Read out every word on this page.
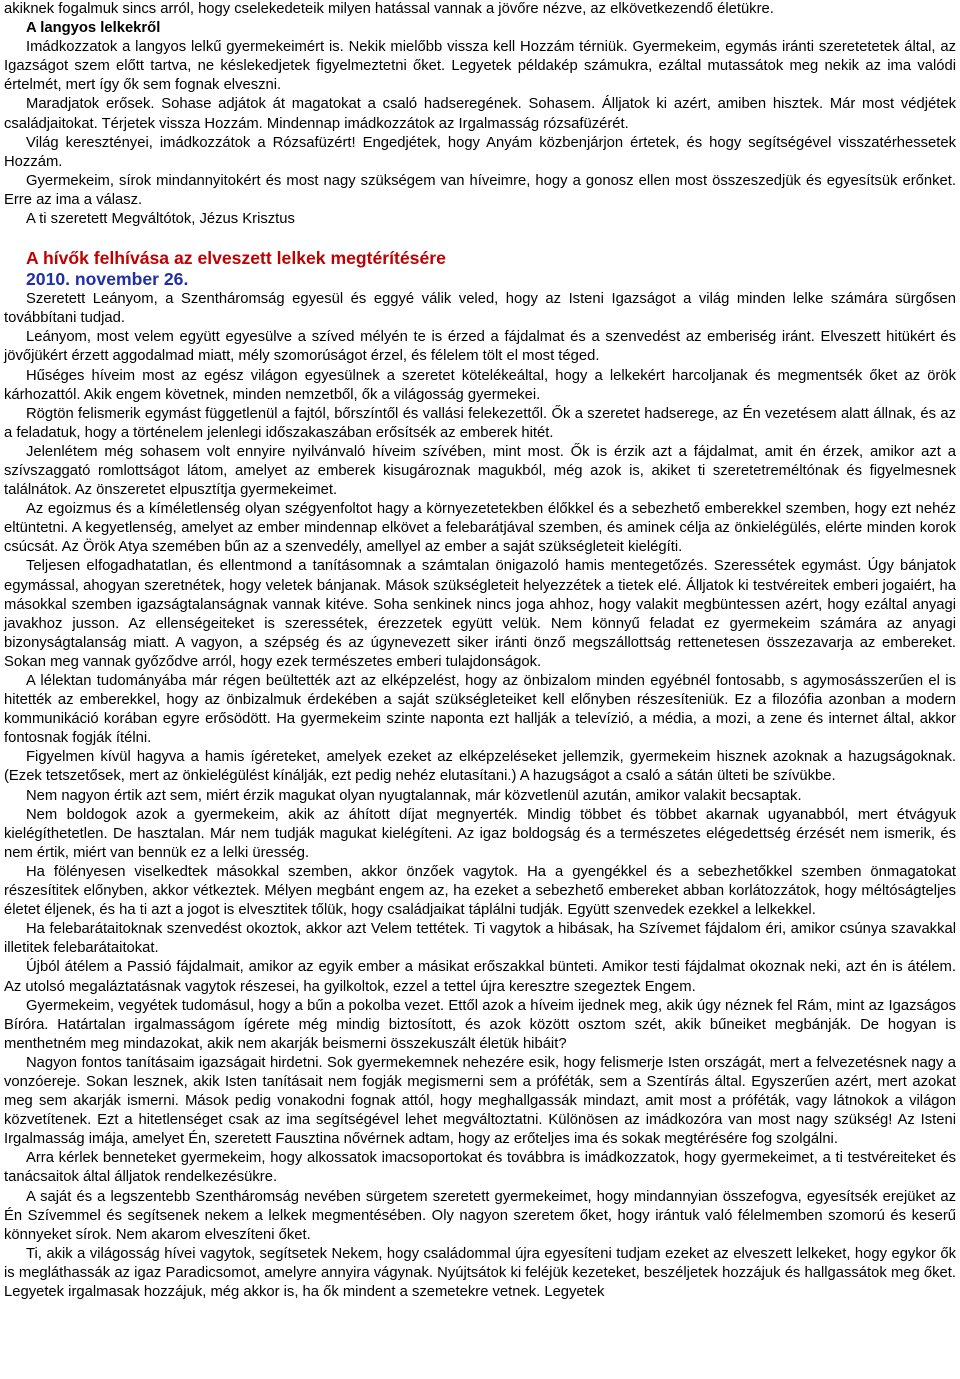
akiknek fogalmuk sincs arról, hogy cselekedeteik milyen hatással vannak a jövőre nézve, az elkövetkezendő életükre.

A langyos lelkekről

Imádkozzatok a langyos lelkű gyermekeimért is. Nekik mielőbb vissza kell Hozzám térniük. Gyermekeim, egymás iránti szeretetetek által, az Igazságot szem előtt tartva, ne késlekedjetek figyelmeztetni őket. Legyetek példakép számukra, ezáltal mutassátok meg nekik az ima valódi értelmét, mert így ők sem fognak elveszni.

Maradjatok erősek. Sohase adjátok át magatokat a csaló hadseregének. Sohasem. Álljatok ki azért, amiben hisztek. Már most védjétek családjaitokat. Térjetek vissza Hozzám. Mindennap imádkozzátok az Irgalmasság rózsafüzérét.

Világ keresztényei, imádkozzátok a Rózsafüzért! Engedjétek, hogy Anyám közbenjárjon értetek, és hogy segítségével visszatérhessetek Hozzám.

Gyermekeim, sírok mindannyitokért és most nagy szükségem van híveimre, hogy a gonosz ellen most összeszedjük és egyesítsük erőnket. Erre az ima a válasz.

A ti szeretett Megváltótok, Jézus Krisztus

A hívők felhívása az elveszett lelkek megtérítésére

2010. november 26.

Szeretett Leányom, a Szentháromság egyesül és eggyé válik veled, hogy az Isteni Igazságot a világ minden lelke számára sürgősen továbbítani tudjad.

Leányom, most velem együtt egyesülve a szíved mélyén te is érzed a fájdalmat és a szenvedést az emberiség iránt. Elveszett hitükért és jövőjükért érzett aggodalmad miatt, mély szomorúságot érzel, és félelem tölt el most téged.

Hűséges híveim most az egész világon egyesülnek a szeretet kötelékeáltal, hogy a lelkekért harcoljanak és megmentsék őket az örök kárhozattól. Akik engem követnek, minden nemzetből, ők a világosság gyermekei.

Rögtön felismerik egymást függetlenül a fajtól, bőrszíntől és vallási felekezettől. Ők a szeretet hadserege, az Én vezetésem alatt állnak, és az a feladatuk, hogy a történelem jelenlegi időszakaszában erősítsék az emberek hitét.

Jelenlétem még sohasem volt ennyire nyilvánvaló híveim szívében, mint most. Ők is érzik azt a fájdalmat, amit én érzek, amikor azt a szívszaggató romlottságot látom, amelyet az emberek kisugároznak magukból, még azok is, akiket ti szeretetreméltónak és figyelmesnek találnátok. Az önszeretet elpusztítja gyermekeimet.

Az egoizmus és a kíméletlenség olyan szégyenfoltot hagy a környezetetekben élőkkel és a sebezhető emberekkel szemben, hogy ezt nehéz eltüntetni. A kegyetlenség, amelyet az ember mindennap elkövet a felebarátjával szemben, és aminek célja az önkielégülés, elérte minden korok csúcsát. Az Örök Atya szemében bűn az a szenvedély, amellyel az ember a saját szükségleteit kielégíti.

Teljesen elfogadhatatlan, és ellentmond a tanításomnak a számtalan önigazoló hamis mentegetőzés. Szeressétek egymást. Úgy bánjatok egymással, ahogyan szeretnétek, hogy veletek bánjanak. Mások szükségleteit helyezzétek a tietek elé. Álljatok ki testvéreitek emberi jogaiért, ha másokkal szemben igazságtalanságnak vannak kitéve. Soha senkinek nincs joga ahhoz, hogy valakit megbüntessen azért, hogy ezáltal anyagi javakhoz jusson. Az ellenségeiteket is szeressétek, érezzetek együtt velük. Nem könnyű feladat ez gyermekeim számára az anyagi bizonyságtalanság miatt. A vagyon, a szépség és az úgynevezett siker iránti önző megszállottság rettenetesen összezavarja az embereket. Sokan meg vannak győződve arról, hogy ezek természetes emberi tulajdonságok.

A lélektan tudományába már régen beültették azt az elképzelést, hogy az önbizalom minden egyébnél fontosabb, s agymosásszerűen el is hitették az emberekkel, hogy az önbizalmuk érdekében a saját szükségleteiket kell előnyben részesíteniük. Ez a filozófia azonban a modern kommunikáció korában egyre erősödött. Ha gyermekeim szinte naponta ezt hallják a televízió, a média, a mozi, a zene és internet által, akkor fontosnak fogják ítélni.

Figyelmen kívül hagyva a hamis ígéreteket, amelyek ezeket az elképzeléseket jellemzik, gyermekeim hisznek azoknak a hazugságoknak. (Ezek tetszetősek, mert az önkielégülést kínálják, ezt pedig nehéz elutasítani.) A hazugságot a csaló a sátán ülteti be szívükbe.

Nem nagyon értik azt sem, miért érzik magukat olyan nyugtalannak, már közvetlenül azután, amikor valakit becsaptak.

Nem boldogok azok a gyermekeim, akik az áhított díjat megnyerték. Mindig többet és többet akarnak ugyanabból, mert étvágyuk kielégíthetetlen. De hasztalan. Már nem tudják magukat kielégíteni. Az igaz boldogság és a természetes elégedettség érzését nem ismerik, és nem értik, miért van bennük ez a lelki üresség.

Ha fölényesen viselkedtek másokkal szemben, akkor önzőek vagytok. Ha a gyengékkel és a sebezhetőkkel szemben önmagatokat részesítitek előnyben, akkor vétkeztek. Mélyen megbánt engem az, ha ezeket a sebezhető embereket abban korlátozzátok, hogy méltóságteljes életet éljenek, és ha ti azt a jogot is elvesztitek tőlük, hogy családjaikat táplálni tudják. Együtt szenvedek ezekkel a lelkekkel.

Ha felebarátaitoknak szenvedést okoztok, akkor azt Velem tettétek. Ti vagytok a hibásak, ha Szívemet fájdalom éri, amikor csúnya szavakkal illetitek felebarátaitokat.

Újból átélem a Passió fájdalmait, amikor az egyik ember a másikat erőszakkal bünteti. Amikor testi fájdalmat okoznak neki, azt én is átélem. Az utolsó megaláztatásnak vagytok részesei, ha gyilkoltok, ezzel a tettel újra keresztre szegeztek Engem.

Gyermekeim, vegyétek tudomásul, hogy a bűn a pokolba vezet. Ettől azok a híveim ijednek meg, akik úgy néznek fel Rám, mint az Igazságos Bíróra. Határtalan irgalmasságom ígérete még mindig biztosított, és azok között osztom szét, akik bűneiket megbánják. De hogyan is menthetném meg mindazokat, akik nem akarják beismerni összekuszált életük hibáit?

Nagyon fontos tanításaim igazságait hirdetni. Sok gyermekemnek nehezére esik, hogy felismerje Isten országát, mert a felvezetésnek nagy a vonzóereje. Sokan lesznek, akik Isten tanításait nem fogják megismerni sem a próféták, sem a Szentírás által. Egyszerűen azért, mert azokat meg sem akarják ismerni. Mások pedig vonakodni fognak attól, hogy meghallgassák mindazt, amit most a próféták, vagy látnokok a világon közvetítenek. Ezt a hitetlenséget csak az ima segítségével lehet megváltoztatni. Különösen az imádkozóra van most nagy szükség! Az Isteni Irgalmasság imája, amelyet Én, szeretett Fausztina nővérnek adtam, hogy az erőteljes ima és sokak megtérésére fog szolgálni.

Arra kérlek benneteket gyermekeim, hogy alkossatok imacsoportokat és továbbra is imádkozzatok, hogy gyermekeimet, a ti testvéreiteket és tanácsaitok által álljatok rendelkezésükre.

A saját és a legszentebb Szentháromság nevében sürgetem szeretett gyermekeimet, hogy mindannyian összefogva, egyesítsék erejüket az Én Szívemmel és segítsenek nekem a lelkek megmentésében. Oly nagyon szeretem őket, hogy irántuk való félelmemben szomorú és keserű könnyeket sírok. Nem akarom elveszíteni őket.

Ti, akik a világosság hívei vagytok, segítsetek Nekem, hogy családommal újra egyesíteni tudjam ezeket az elveszett lelkeket, hogy egykor ők is megláthassák az igaz Paradicsomot, amelyre annyira vágynak. Nyújtsátok ki feléjük kezeteket, beszéljetek hozzájuk és hallgassátok meg őket. Legyetek irgalmasak hozzájuk, még akkor is, ha ők mindent a szemetekre vetnek. Legyetek
